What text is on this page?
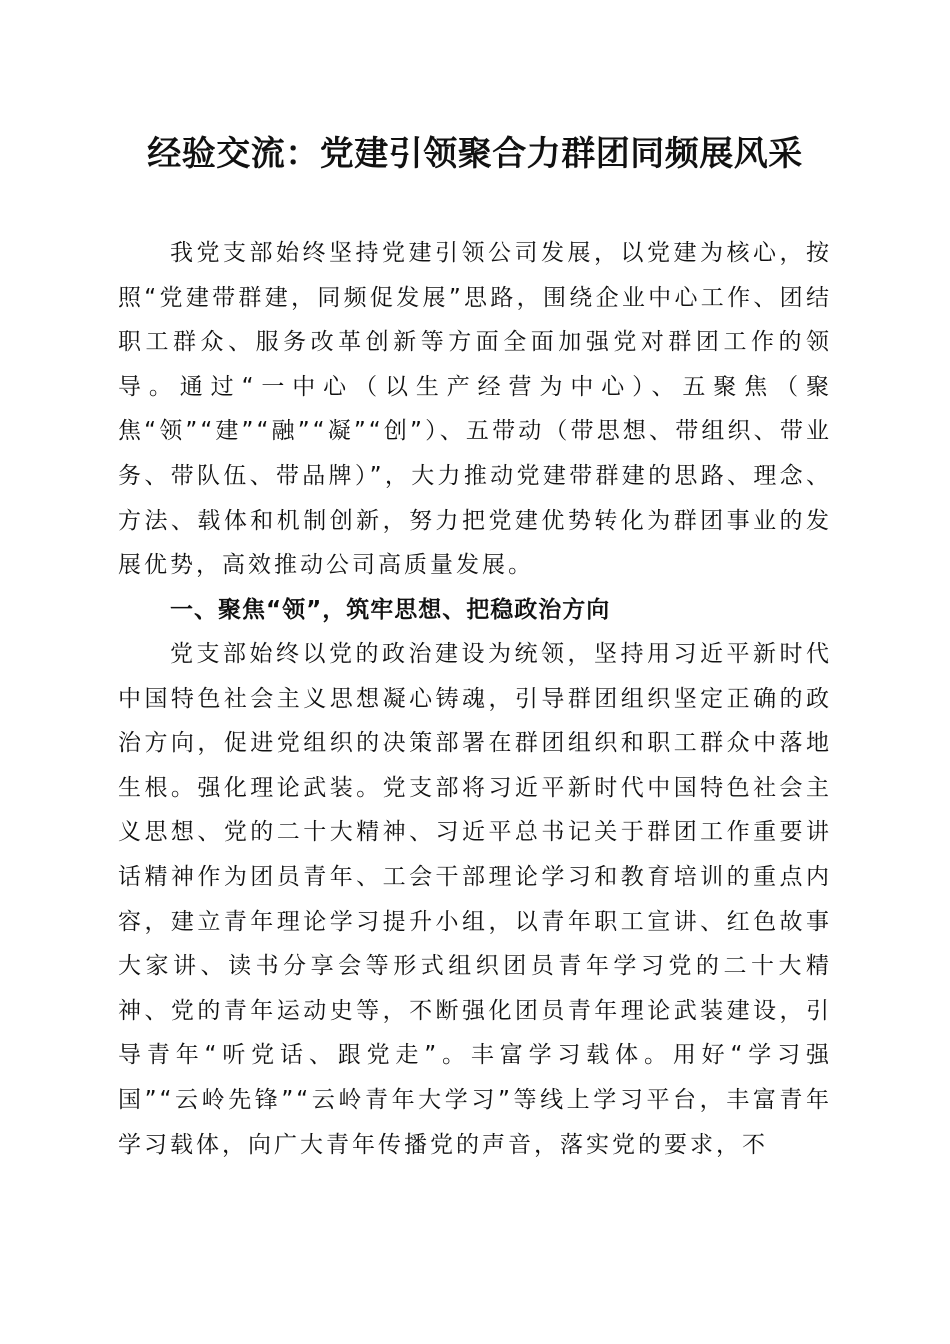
经验交流：党建引领聚合力群团同频展风采

我党支部始终坚持党建引领公司发展，以党建为核心，按照“党建带群建，同频促发展”思路，围绕企业中心工作、团结职工群众、服务改革创新等方面全面加强党对群团工作的领导。通过“一中心（以生产经营为中心）、五聚焦（聚焦“领”“建”“融”“凝”“创”）、五带动（带思想、带组织、带业务、带队伍、带品牌）”，大力推动党建带群建的思路、理念、方法、载体和机制创新，努力把党建优势转化为群团事业的发展优势，高效推动公司高质量发展。

一、聚焦“领”，筑牢思想、把稳政治方向

党支部始终以党的政治建设为统领，坚持用习近平新时代中国特色社会主义思想凝心铸魂，引导群团组织坚定正确的政治方向，促进党组织的决策部署在群团组织和职工群众中落地生根。强化理论武装。党支部将习近平新时代中国特色社会主义思想、党的二十大精神、习近平总书记关于群团工作重要讲话精神作为团员青年、工会干部理论学习和教育培训的重点内容，建立青年理论学习提升小组，以青年职工宣讲、红色故事大家讲、读书分享会等形式组织团员青年学习党的二十大精神、党的青年运动史等，不断强化团员青年理论武装建设，引导青年“听党话、跟党走”。丰富学习载体。用好“学习强国”“云岭先锋”“云岭青年大学习”等线上学习平台，丰富青年学习载体，向广大青年传播党的声音，落实党的要求，不
